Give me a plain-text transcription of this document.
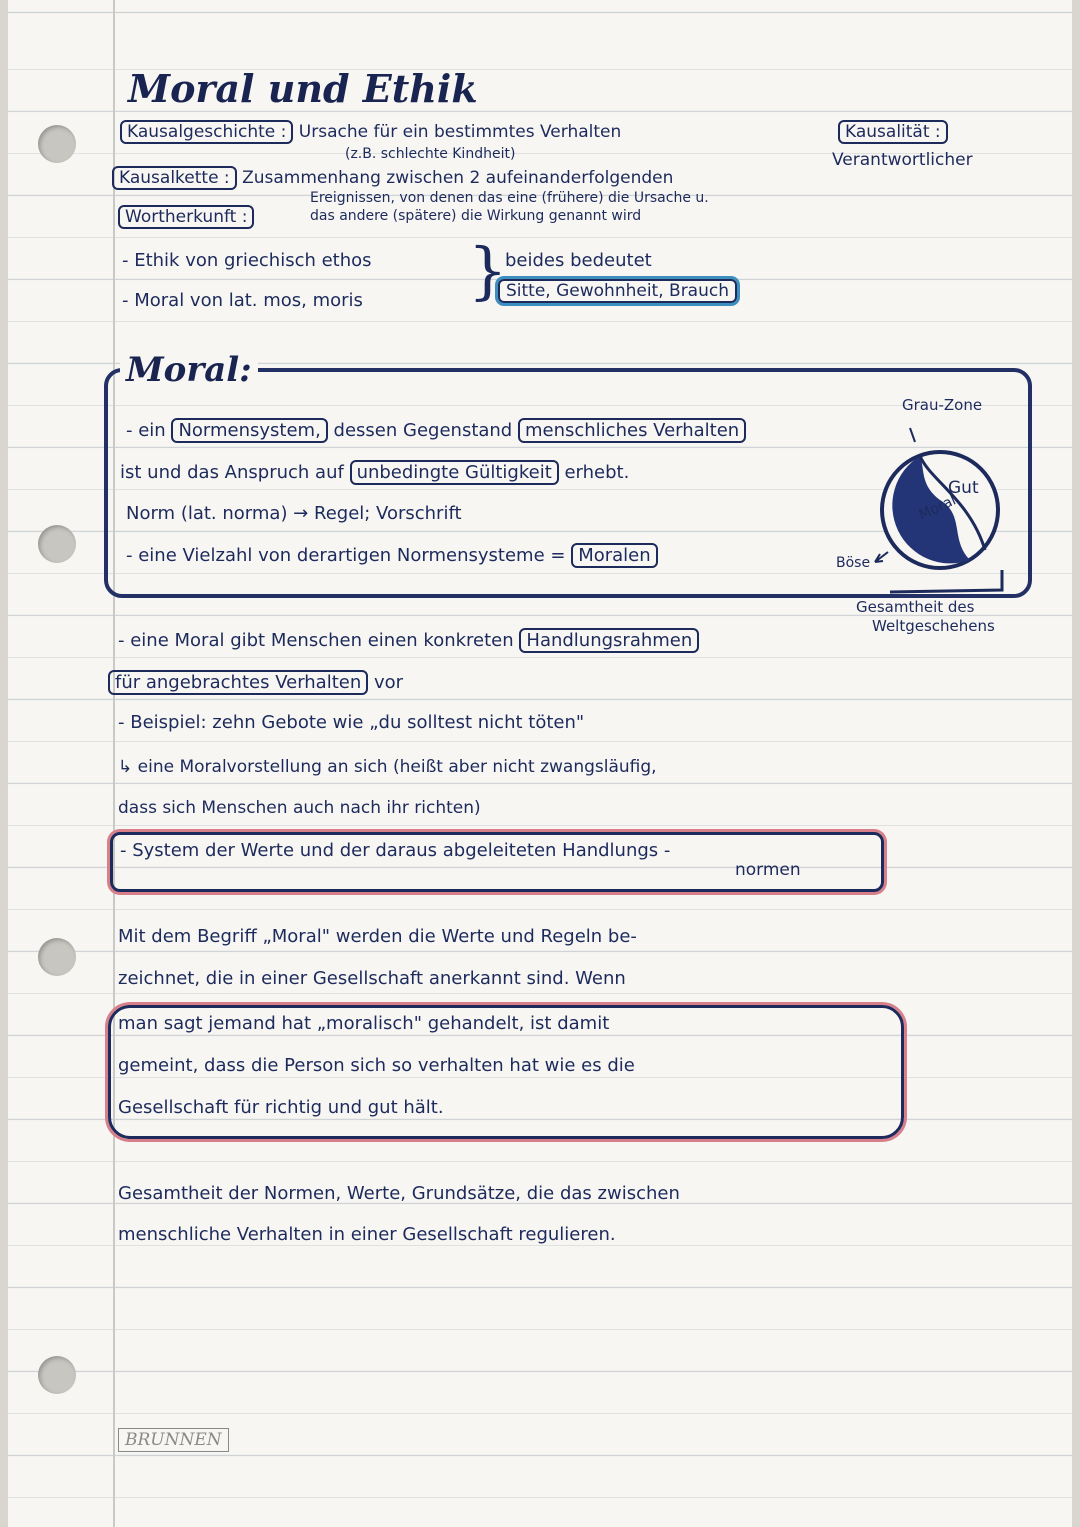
Moral und Ethik
Kausalgeschichte : Ursache für ein bestimmtes Verhalten
(z.B. schlechte Kindheit)
Kausalkette : Zusammenhang zwischen 2 aufeinanderfolgenden
Ereignissen, von denen das eine (frühere) die Ursache u.
das andere (spätere) die Wirkung genannt wird
Wortherkunft :
Kausalität :
Verantwortlicher
- Ethik von griechisch ethos
- Moral von lat. mos, moris }
beides bedeutet
Sitte, Gewohnheit, Brauch
Moral:
- ein Normensystem, dessen Gegenstand menschliches Verhalten
ist und das Anspruch auf unbedingte Gültigkeit erhebt.
Norm (lat. norma) → Regel; Vorschrift
- eine Vielzahl von derartigen Normensysteme = Moralen
Grau-Zone
Gut
Moral
Böse
Gesamtheit des
Weltgeschehens
- eine Moral gibt Menschen einen konkreten Handlungsrahmen
für angebrachtes Verhalten vor
- Beispiel: zehn Gebote wie „du solltest nicht töten"
↳ eine Moralvorstellung an sich (heißt aber nicht zwangsläufig,
dass sich Menschen auch nach ihr richten)
- System der Werte und der daraus abgeleiteten Handlungs -
normen
Mit dem Begriff „Moral" werden die Werte und Regeln be-
zeichnet, die in einer Gesellschaft anerkannt sind. Wenn
man sagt jemand hat „moralisch" gehandelt, ist damit
gemeint, dass die Person sich so verhalten hat wie es die
Gesellschaft für richtig und gut hält.
Gesamtheit der Normen, Werte, Grundsätze, die das zwischen
menschliche Verhalten in einer Gesellschaft regulieren.
BRUNNEN
